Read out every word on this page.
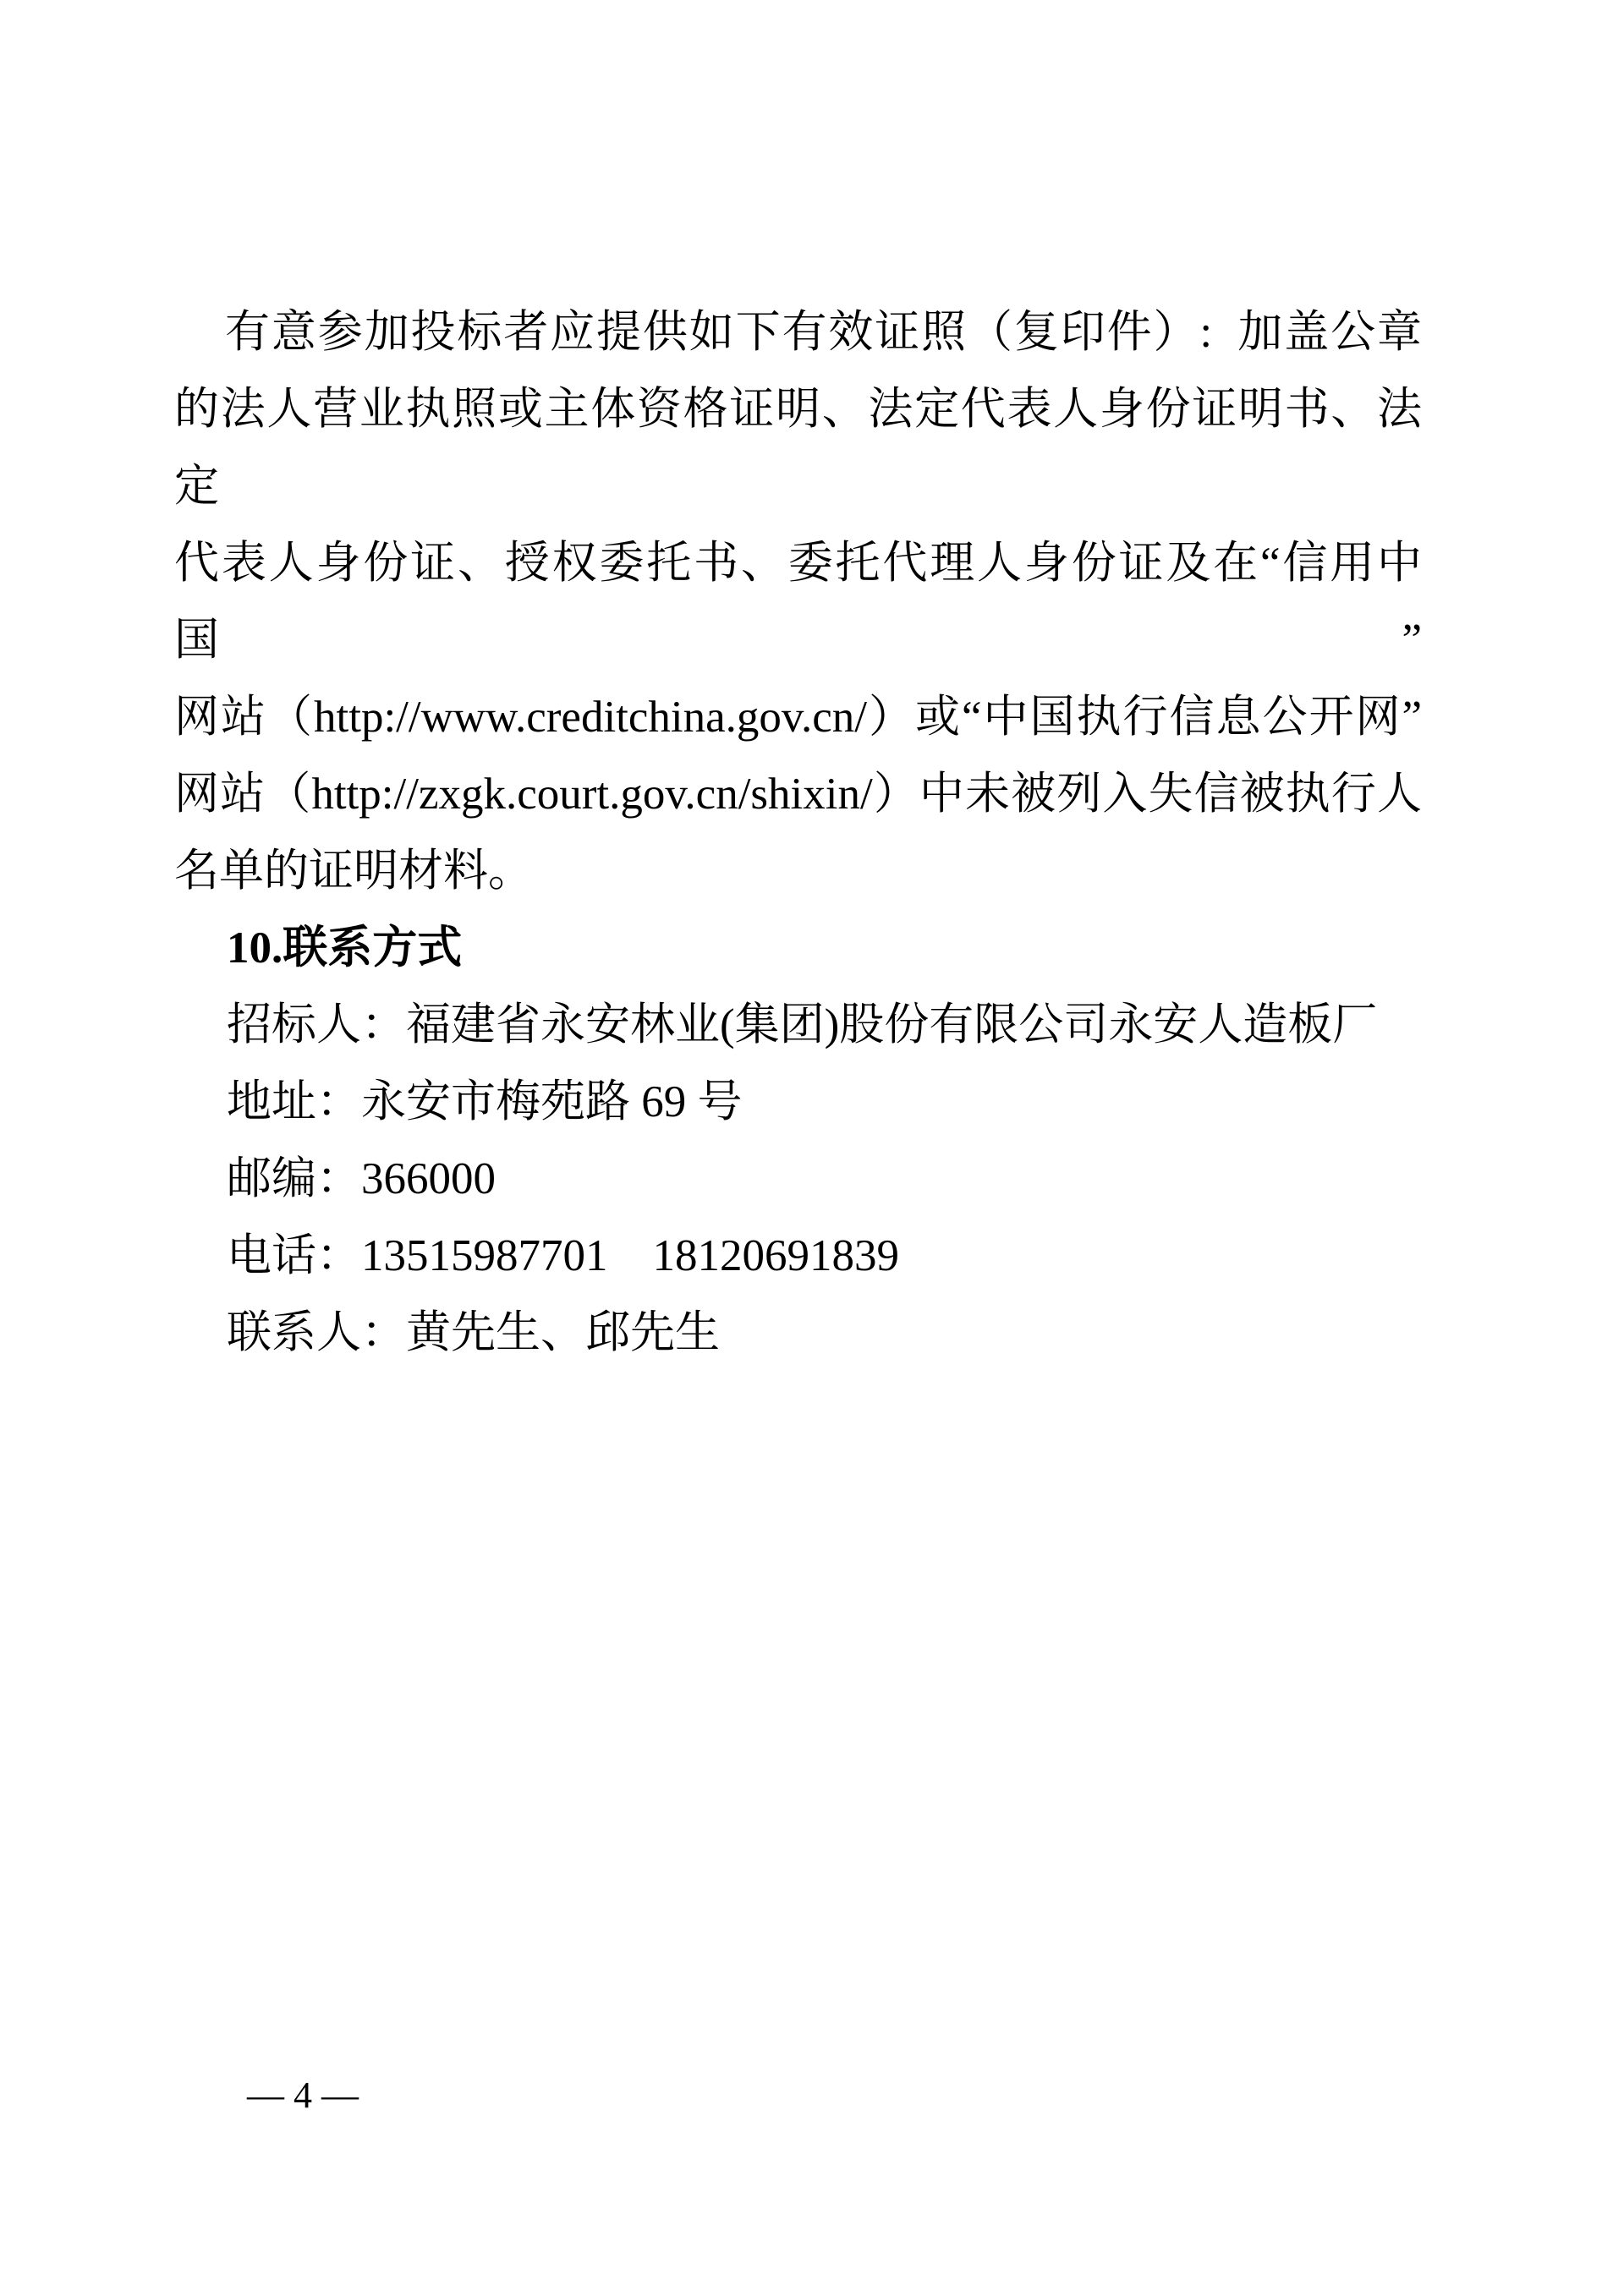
有意参加投标者应提供如下有效证照（复印件）:  加盖公章
的法人营业执照或主体资格证明、法定代表人身份证明书、法定
代表人身份证、授权委托书、委托代理人身份证及在“信用中国”
网站（http://www.creditchina.gov.cn/）或“中国执行信息公开网”
网站（http://zxgk.court.gov.cn/shixin/）中未被列入失信被执行人
名单的证明材料。
10.联系方式
招标人：福建省永安林业(集团)股份有限公司永安人造板厂
地址：永安市梅苑路 69 号
邮编：366000
电话：13515987701    18120691839
联系人：黄先生、邱先生
— 4 —
